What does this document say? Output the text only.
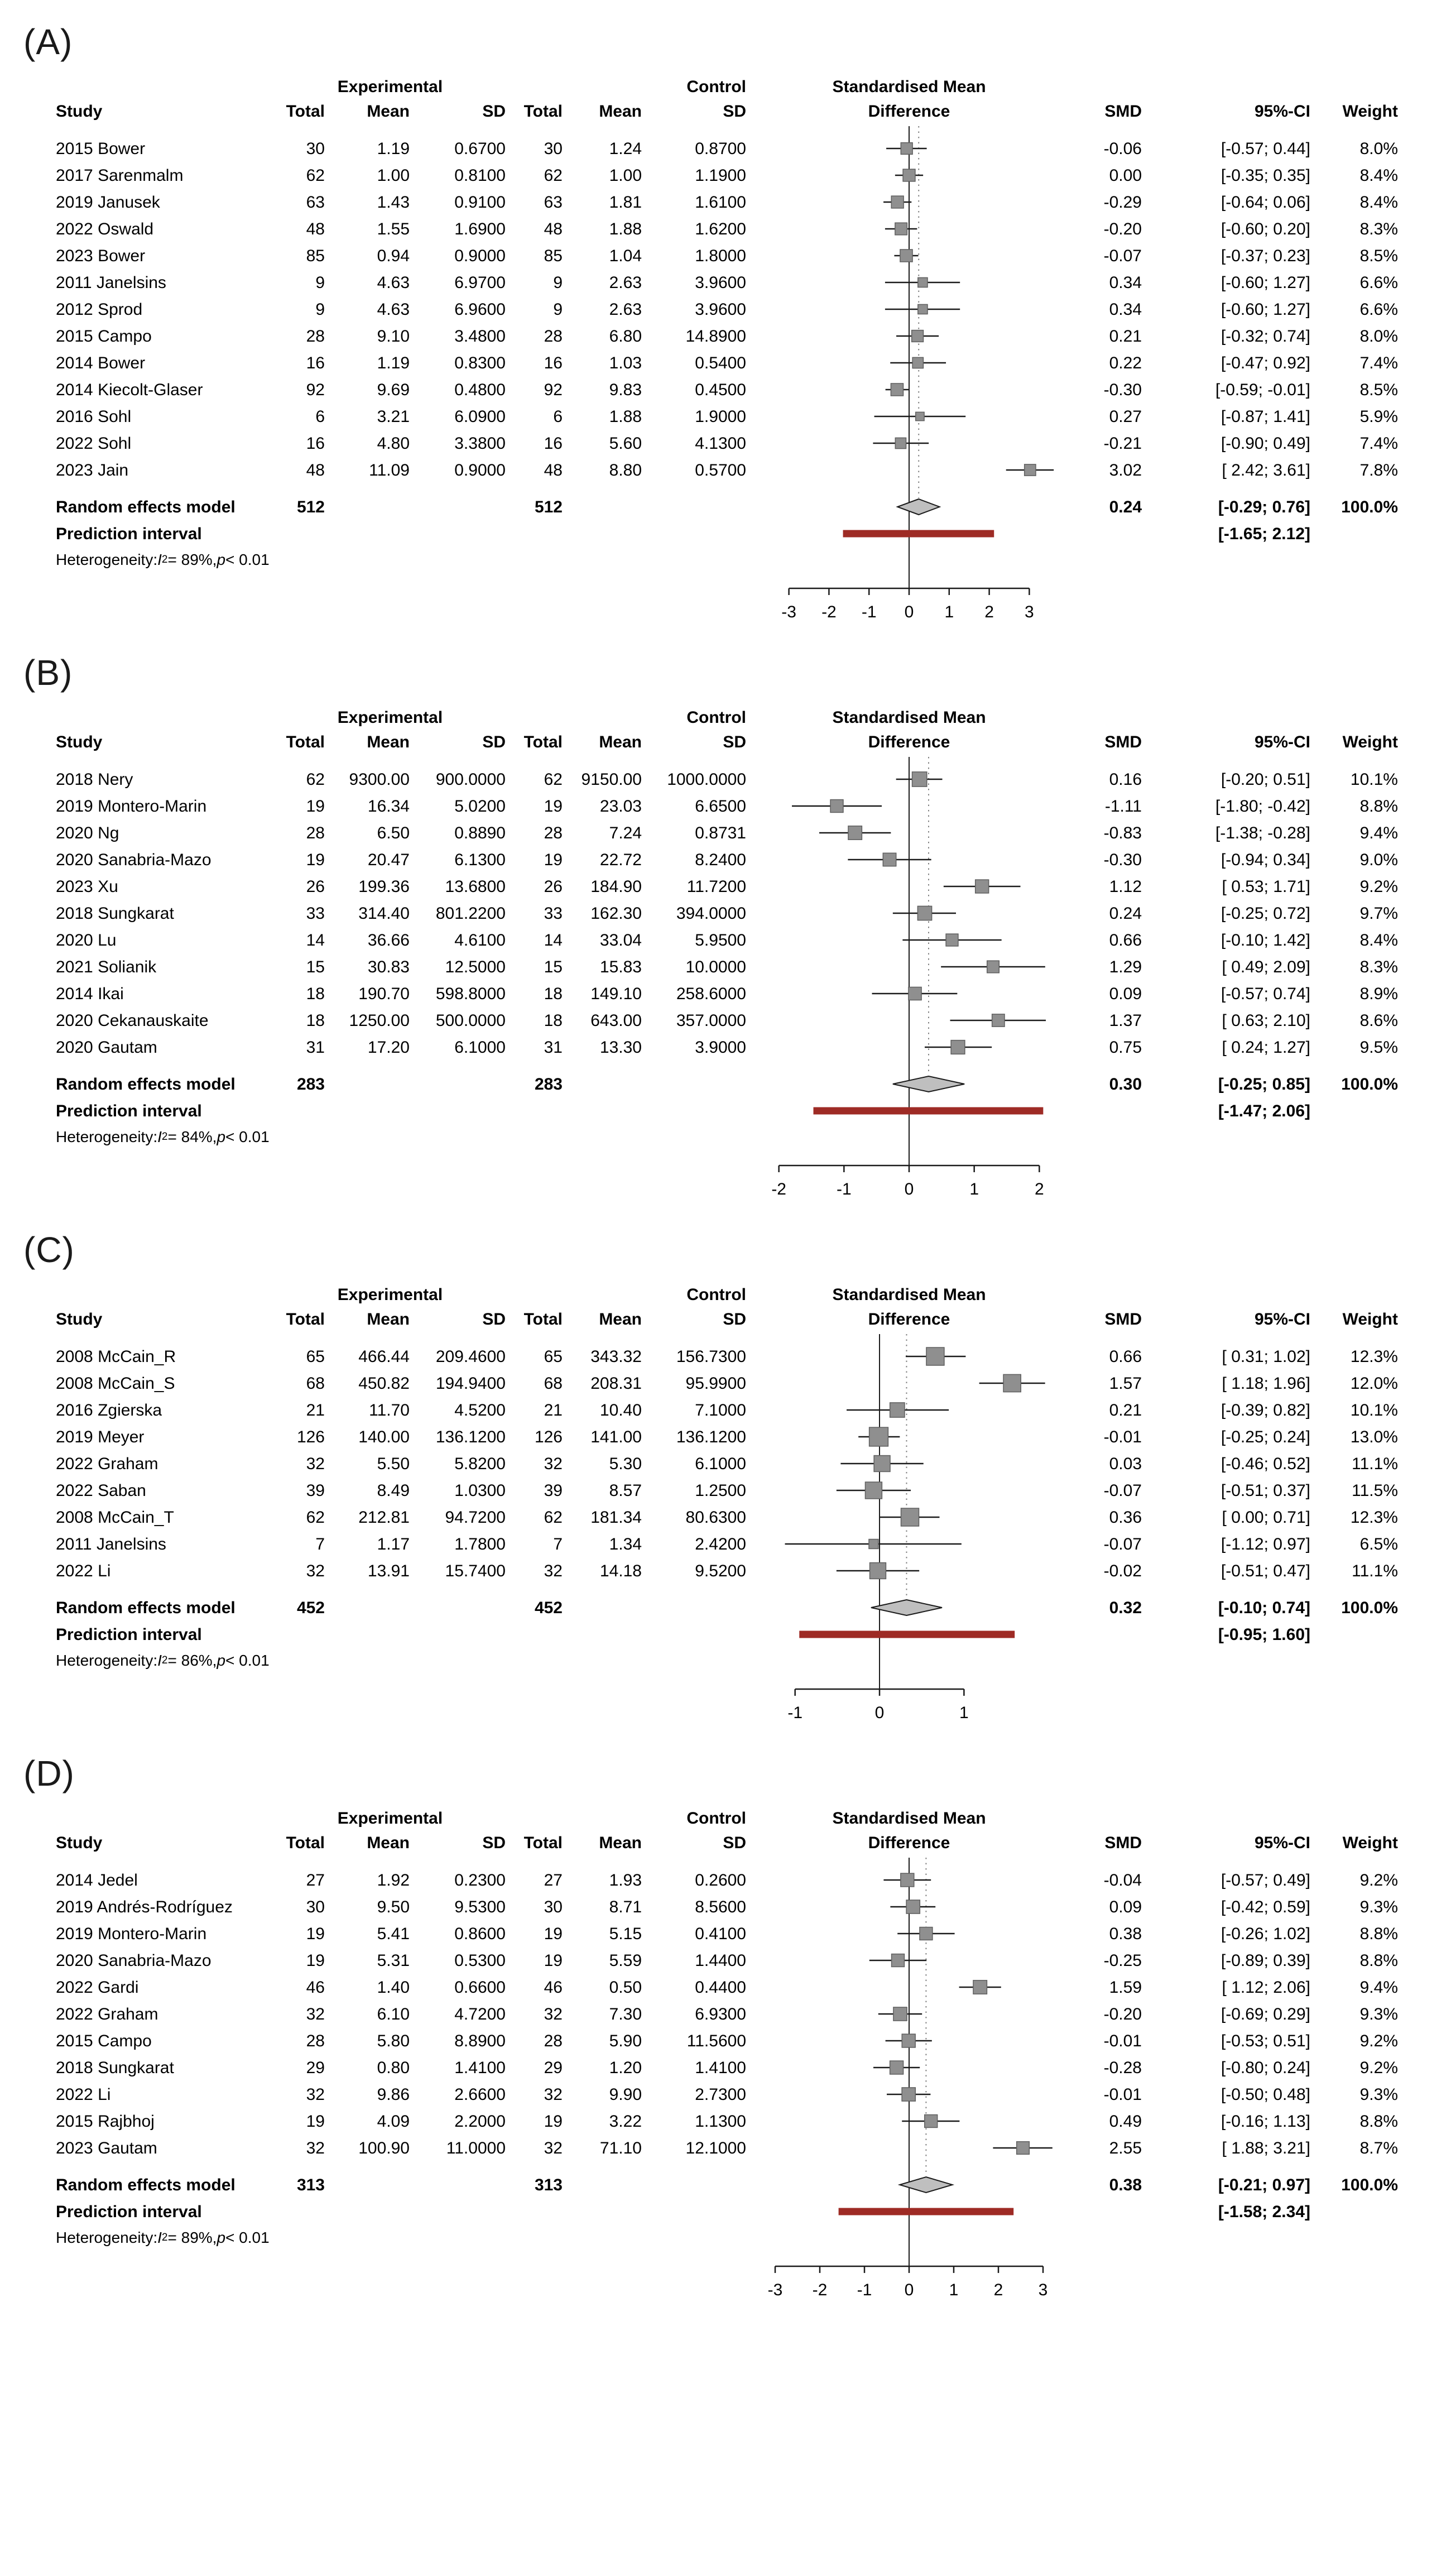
(A)
Experimental	Control	Standardised Mean
Study	Total	Mean	SD	Total	Mean	SD	Difference	SMD	95%-CI	Weight
2015 Bower	30	1.19	0.6700	30	1.24	0.8700	-0.06	[-0.57; 0.44]	8.0%
2017 Sarenmalm	62	1.00	0.8100	62	1.00	1.1900	0.00	[-0.35; 0.35]	8.4%
2019 Janusek	63	1.43	0.9100	63	1.81	1.6100	-0.29	[-0.64; 0.06]	8.4%
2022 Oswald	48	1.55	1.6900	48	1.88	1.6200	-0.20	[-0.60; 0.20]	8.3%
2023 Bower	85	0.94	0.9000	85	1.04	1.8000	-0.07	[-0.37; 0.23]	8.5%
2011 Janelsins	9	4.63	6.9700	9	2.63	3.9600	0.34	[-0.60; 1.27]	6.6%
2012 Sprod	9	4.63	6.9600	9	2.63	3.9600	0.34	[-0.60; 1.27]	6.6%
2015 Campo	28	9.10	3.4800	28	6.80	14.8900	0.21	[-0.32; 0.74]	8.0%
2014 Bower	16	1.19	0.8300	16	1.03	0.5400	0.22	[-0.47; 0.92]	7.4%
2014 Kiecolt-Glaser	92	9.69	0.4800	92	9.83	0.4500	-0.30	[-0.59; -0.01]	8.5%
2016 Sohl	6	3.21	6.0900	6	1.88	1.9000	0.27	[-0.87; 1.41]	5.9%
2022 Sohl	16	4.80	3.3800	16	5.60	4.1300	-0.21	[-0.90; 0.49]	7.4%
2023 Jain	48	11.09	0.9000	48	8.80	0.5700	3.02	[ 2.42; 3.61]	7.8%
Random effects model	512	512	0.24	[-0.29; 0.76]	100.0%
Prediction interval	[-1.65; 2.12]
Heterogeneity: I 2 = 89%, p < 0.01
-3 -2 -1 0 1 2 3
(B)
Experimental	Control	Standardised Mean
Study	Total	Mean	SD	Total	Mean	SD	Difference	SMD	95%-CI	Weight
2018 Nery	62	9300.00	900.0000	62	9150.00	1000.0000	0.16	[-0.20; 0.51]	10.1%
2019 Montero-Marin	19	16.34	5.0200	19	23.03	6.6500	-1.11	[-1.80; -0.42]	8.8%
2020 Ng	28	6.50	0.8890	28	7.24	0.8731	-0.83	[-1.38; -0.28]	9.4%
2020 Sanabria-Mazo	19	20.47	6.1300	19	22.72	8.2400	-0.30	[-0.94; 0.34]	9.0%
2023 Xu	26	199.36	13.6800	26	184.90	11.7200	1.12	[ 0.53; 1.71]	9.2%
2018 Sungkarat	33	314.40	801.2200	33	162.30	394.0000	0.24	[-0.25; 0.72]	9.7%
2020 Lu	14	36.66	4.6100	14	33.04	5.9500	0.66	[-0.10; 1.42]	8.4%
2021 Solianik	15	30.83	12.5000	15	15.83	10.0000	1.29	[ 0.49; 2.09]	8.3%
2014 Ikai	18	190.70	598.8000	18	149.10	258.6000	0.09	[-0.57; 0.74]	8.9%
2020 Cekanauskaite	18	1250.00	500.0000	18	643.00	357.0000	1.37	[ 0.63; 2.10]	8.6%
2020 Gautam	31	17.20	6.1000	31	13.30	3.9000	0.75	[ 0.24; 1.27]	9.5%
Random effects model	283	283	0.30	[-0.25; 0.85]	100.0%
Prediction interval	[-1.47; 2.06]
Heterogeneity: I 2 = 84%, p < 0.01
-2	-1	0	1	2
(C)
Experimental	Control	Standardised Mean
Study	Total	Mean	SD	Total	Mean	SD	Difference	SMD	95%-CI	Weight
2008 McCain_R	65	466.44	209.4600	65	343.32	156.7300	0.66	[ 0.31; 1.02]	12.3%
2008 McCain_S	68	450.82	194.9400	68	208.31	95.9900	1.57	[ 1.18; 1.96]	12.0%
2016 Zgierska	21	11.70	4.5200	21	10.40	7.1000	0.21	[-0.39; 0.82]	10.1%
2019 Meyer	126	140.00	136.1200	126	141.00	136.1200	-0.01	[-0.25; 0.24]	13.0%
2022 Graham	32	5.50	5.8200	32	5.30	6.1000	0.03	[-0.46; 0.52]	11.1%
2022 Saban	39	8.49	1.0300	39	8.57	1.2500	-0.07	[-0.51; 0.37]	11.5%
2008 McCain_T	62	212.81	94.7200	62	181.34	80.6300	0.36	[ 0.00; 0.71]	12.3%
2011 Janelsins	7	1.17	1.7800	7	1.34	2.4200	-0.07	[-1.12; 0.97]	6.5%
2022 Li	32	13.91	15.7400	32	14.18	9.5200	-0.02	[-0.51; 0.47]	11.1%
Random effects model	452	452	0.32	[-0.10; 0.74]	100.0%
Prediction interval	[-0.95; 1.60]
Heterogeneity: I 2 = 86%, p < 0.01
-1	0	1
(D)
Experimental	Control	Standardised Mean
Study	Total	Mean	SD	Total	Mean	SD	Difference	SMD	95%-CI	Weight
2014 Jedel	27	1.92	0.2300	27	1.93	0.2600	-0.04	[-0.57; 0.49]	9.2%
2019 Andrés-Rodríguez	30	9.50	9.5300	30	8.71	8.5600	0.09	[-0.42; 0.59]	9.3%
2019 Montero-Marin	19	5.41	0.8600	19	5.15	0.4100	0.38	[-0.26; 1.02]	8.8%
2020 Sanabria-Mazo	19	5.31	0.5300	19	5.59	1.4400	-0.25	[-0.89; 0.39]	8.8%
2022 Gardi	46	1.40	0.6600	46	0.50	0.4400	1.59	[ 1.12; 2.06]	9.4%
2022 Graham	32	6.10	4.7200	32	7.30	6.9300	-0.20	[-0.69; 0.29]	9.3%
2015 Campo	28	5.80	8.8900	28	5.90	11.5600	-0.01	[-0.53; 0.51]	9.2%
2018 Sungkarat	29	0.80	1.4100	29	1.20	1.4100	-0.28	[-0.80; 0.24]	9.2%
2022 Li	32	9.86	2.6600	32	9.90	2.7300	-0.01	[-0.50; 0.48]	9.3%
2015 Rajbhoj	19	4.09	2.2000	19	3.22	1.1300	0.49	[-0.16; 1.13]	8.8%
2023 Gautam	32	100.90	11.0000	32	71.10	12.1000	2.55	[ 1.88; 3.21]	8.7%
Random effects model	313	313	0.38	[-0.21; 0.97]	100.0%
Prediction interval	[-1.58; 2.34]
Heterogeneity: I 2 = 89%, p < 0.01
-3 -2 -1 0 1 2 3
